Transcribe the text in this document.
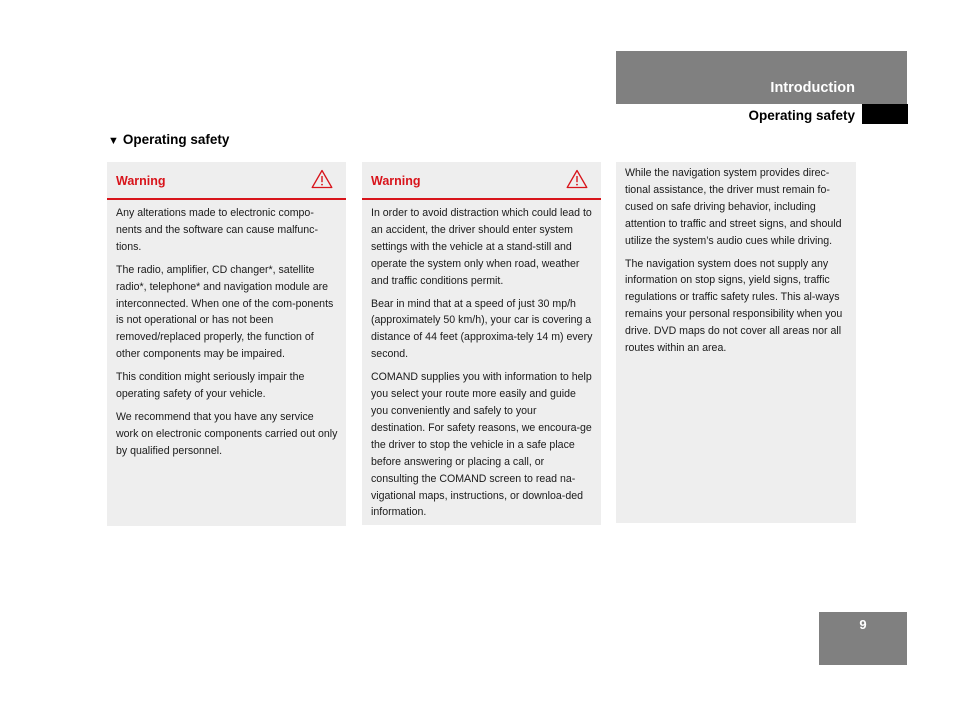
Introduction
Operating safety
▼ Operating safety
Warning

Any alterations made to electronic compo-nents and the software can cause malfunc-tions.

The radio, amplifier, CD changer*, satellite radio*, telephone* and navigation module are interconnected. When one of the com-ponents is not operational or has not been removed/replaced properly, the function of other components may be impaired.

This condition might seriously impair the operating safety of your vehicle.

We recommend that you have any service work on electronic components carried out only by qualified personnel.

Warning

In order to avoid distraction which could lead to an accident, the driver should enter system settings with the vehicle at a stand-still and operate the system only when road, weather and traffic conditions permit.

Bear in mind that at a speed of just 30 mp/h (approximately 50 km/h), your car is covering a distance of 44 feet (approxima-tely 14 m) every second.

COMAND supplies you with information to help you select your route more easily and guide you conveniently and safely to your destination. For safety reasons, we encoura-ge the driver to stop the vehicle in a safe place before answering or placing a call, or consulting the COMAND screen to read na-vigational maps, instructions, or downloa-ded information.

While the navigation system provides direc-tional assistance, the driver must remain fo-cused on safe driving behavior, including attention to traffic and street signs, and should utilize the system’s audio cues while driving.

The navigation system does not supply any information on stop signs, yield signs, traffic regulations or traffic safety rules. This al-ways remains your personal responsibility when you drive. DVD maps do not cover all areas nor all routes within an area.

9
